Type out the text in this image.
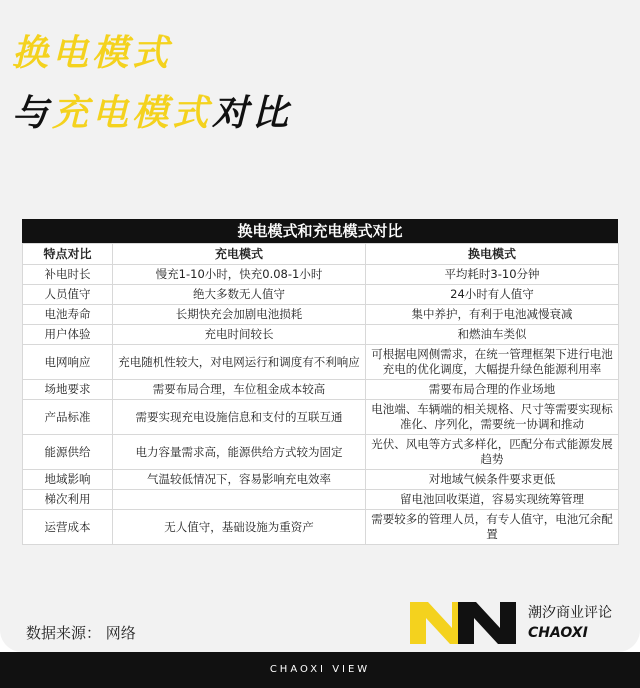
换电模式
与充电模式对比
换电模式和充电模式对比
特点对比	充电模式	换电模式
补电时长	慢充1-10小时，快充0.08-1小时	平均耗时3-10分钟
人员值守	绝大多数无人值守	24小时有人值守
电池寿命	长期快充会加剧电池损耗	集中养护，有利于电池减慢衰减
用户体验	充电时间较长	和燃油车类似
电网响应	充电随机性较大，对电网运行和调度有不利响应	可根据电网侧需求，在统一管理框架下进行电池充电的优化调度，大幅提升绿色能源利用率
场地要求	需要布局合理，车位租金成本较高	需要布局合理的作业场地
产品标准	需要实现充电设施信息和支付的互联互通	电池端、车辆端的相关规格、尺寸等需要实现标准化、序列化，需要统一协调和推动
能源供给	电力容量需求高，能源供给方式较为固定	光伏、风电等方式多样化，匹配分布式能源发展趋势
地域影响	气温较低情况下，容易影响充电效率	对地域气候条件要求更低
梯次利用		留电池回收渠道，容易实现统筹管理
运营成本	无人值守，基础设施为重资产	需要较多的管理人员，有专人值守，电池冗余配置
数据来源： 网络
潮汐商业评论
CHAOXI
CHAOXI VIEW
